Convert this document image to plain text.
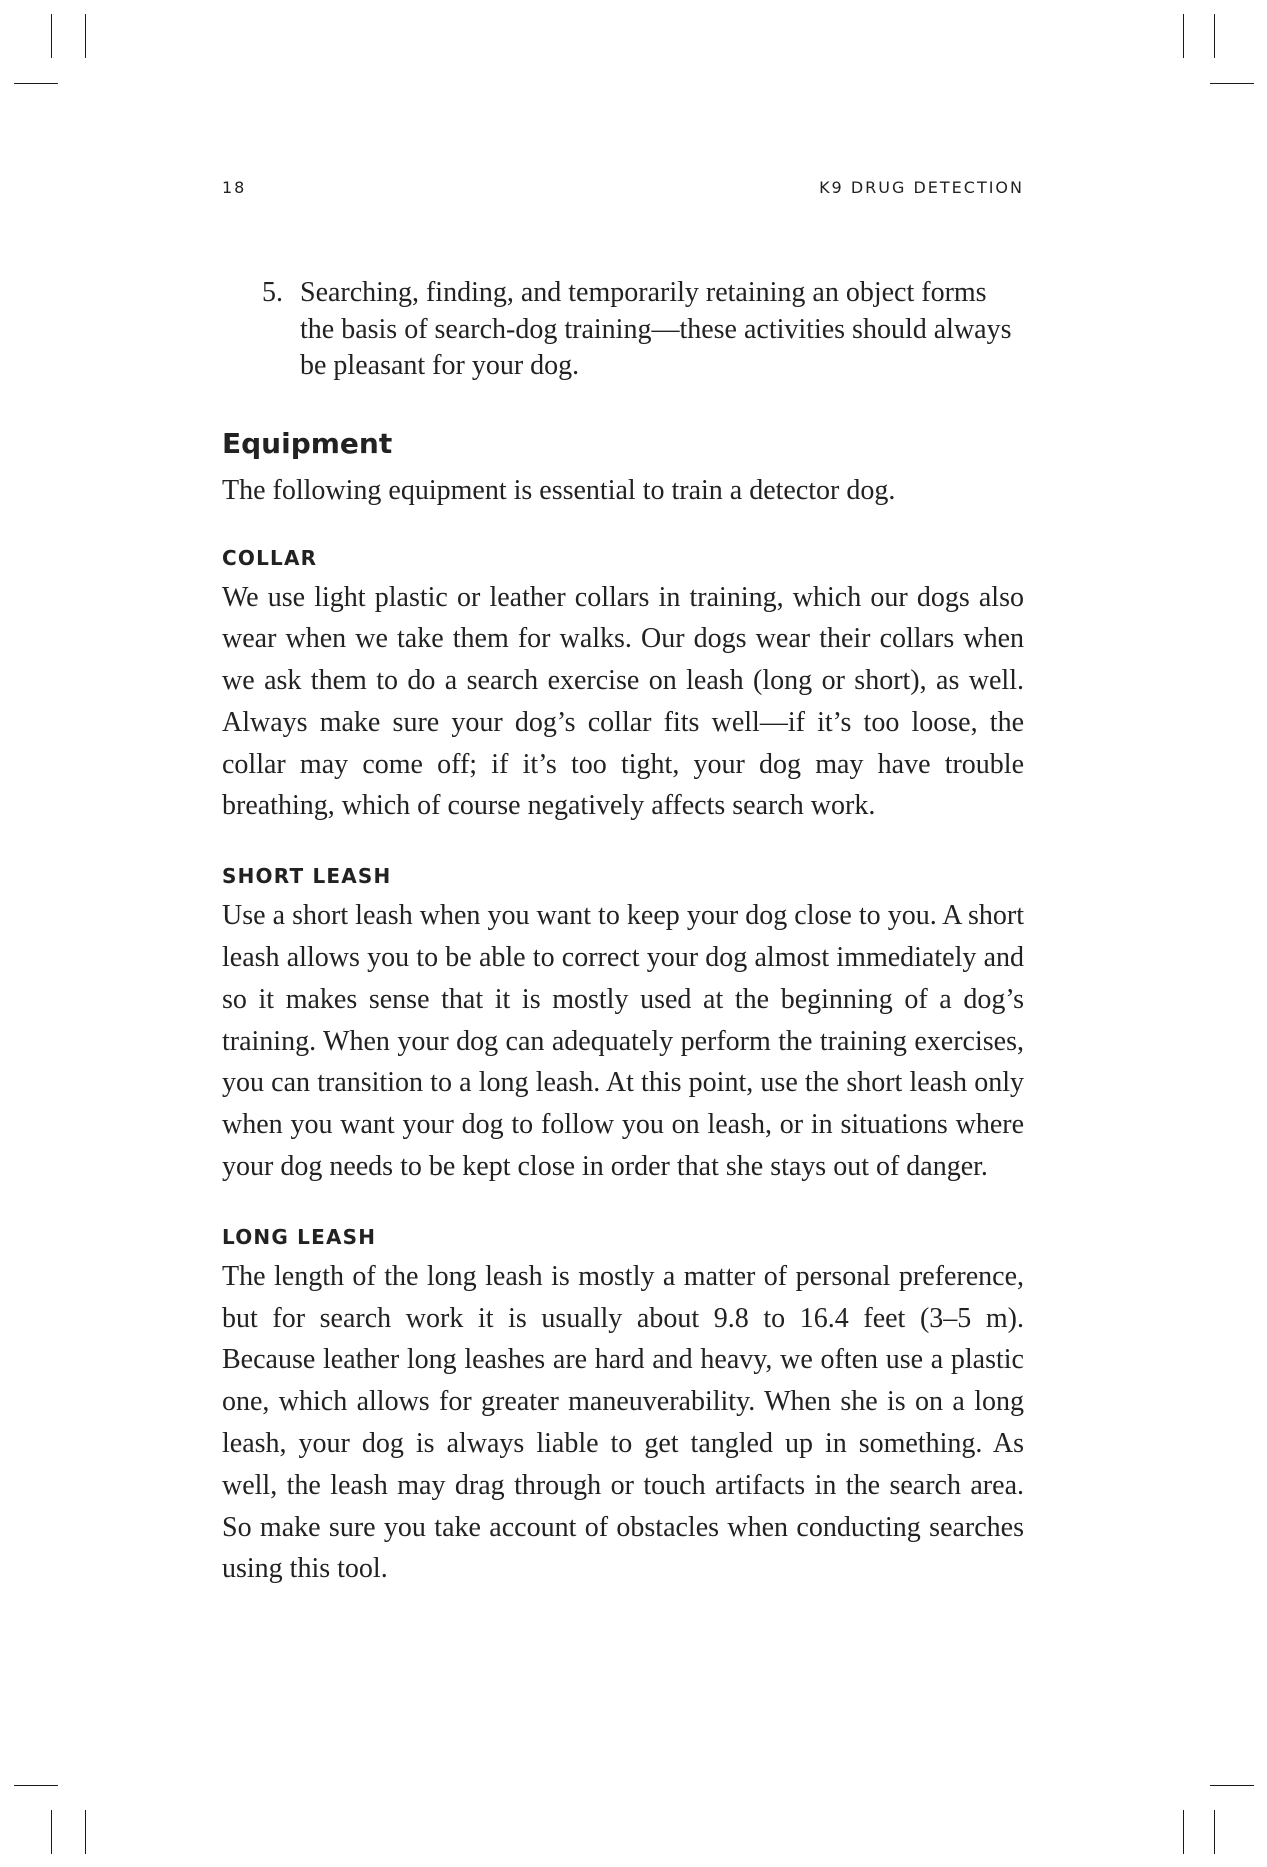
18	K9 DRUG DETECTION
5. Searching, finding, and temporarily retaining an object forms the basis of search-dog training—these activities should always be pleasant for your dog.
Equipment

The following equipment is essential to train a detector dog.

COLLAR

We use light plastic or leather collars in training, which our dogs also wear when we take them for walks. Our dogs wear their collars when we ask them to do a search exercise on leash (long or short), as well. Always make sure your dog’s collar fits well—if it’s too loose, the collar may come off; if it’s too tight, your dog may have trouble breathing, which of course negatively affects search work.

SHORT LEASH

Use a short leash when you want to keep your dog close to you. A short leash allows you to be able to correct your dog almost immediately and so it makes sense that it is mostly used at the beginning of a dog’s training. When your dog can adequately perform the training exercises, you can transition to a long leash. At this point, use the short leash only when you want your dog to follow you on leash, or in situations where your dog needs to be kept close in order that she stays out of danger.

LONG LEASH

The length of the long leash is mostly a matter of personal preference, but for search work it is usually about 9.8 to 16.4 feet (3–5 m). Because leather long leashes are hard and heavy, we often use a plastic one, which allows for greater maneuverability. When she is on a long leash, your dog is always liable to get tangled up in something. As well, the leash may drag through or touch artifacts in the search area. So make sure you take account of obstacles when conducting searches using this tool.
